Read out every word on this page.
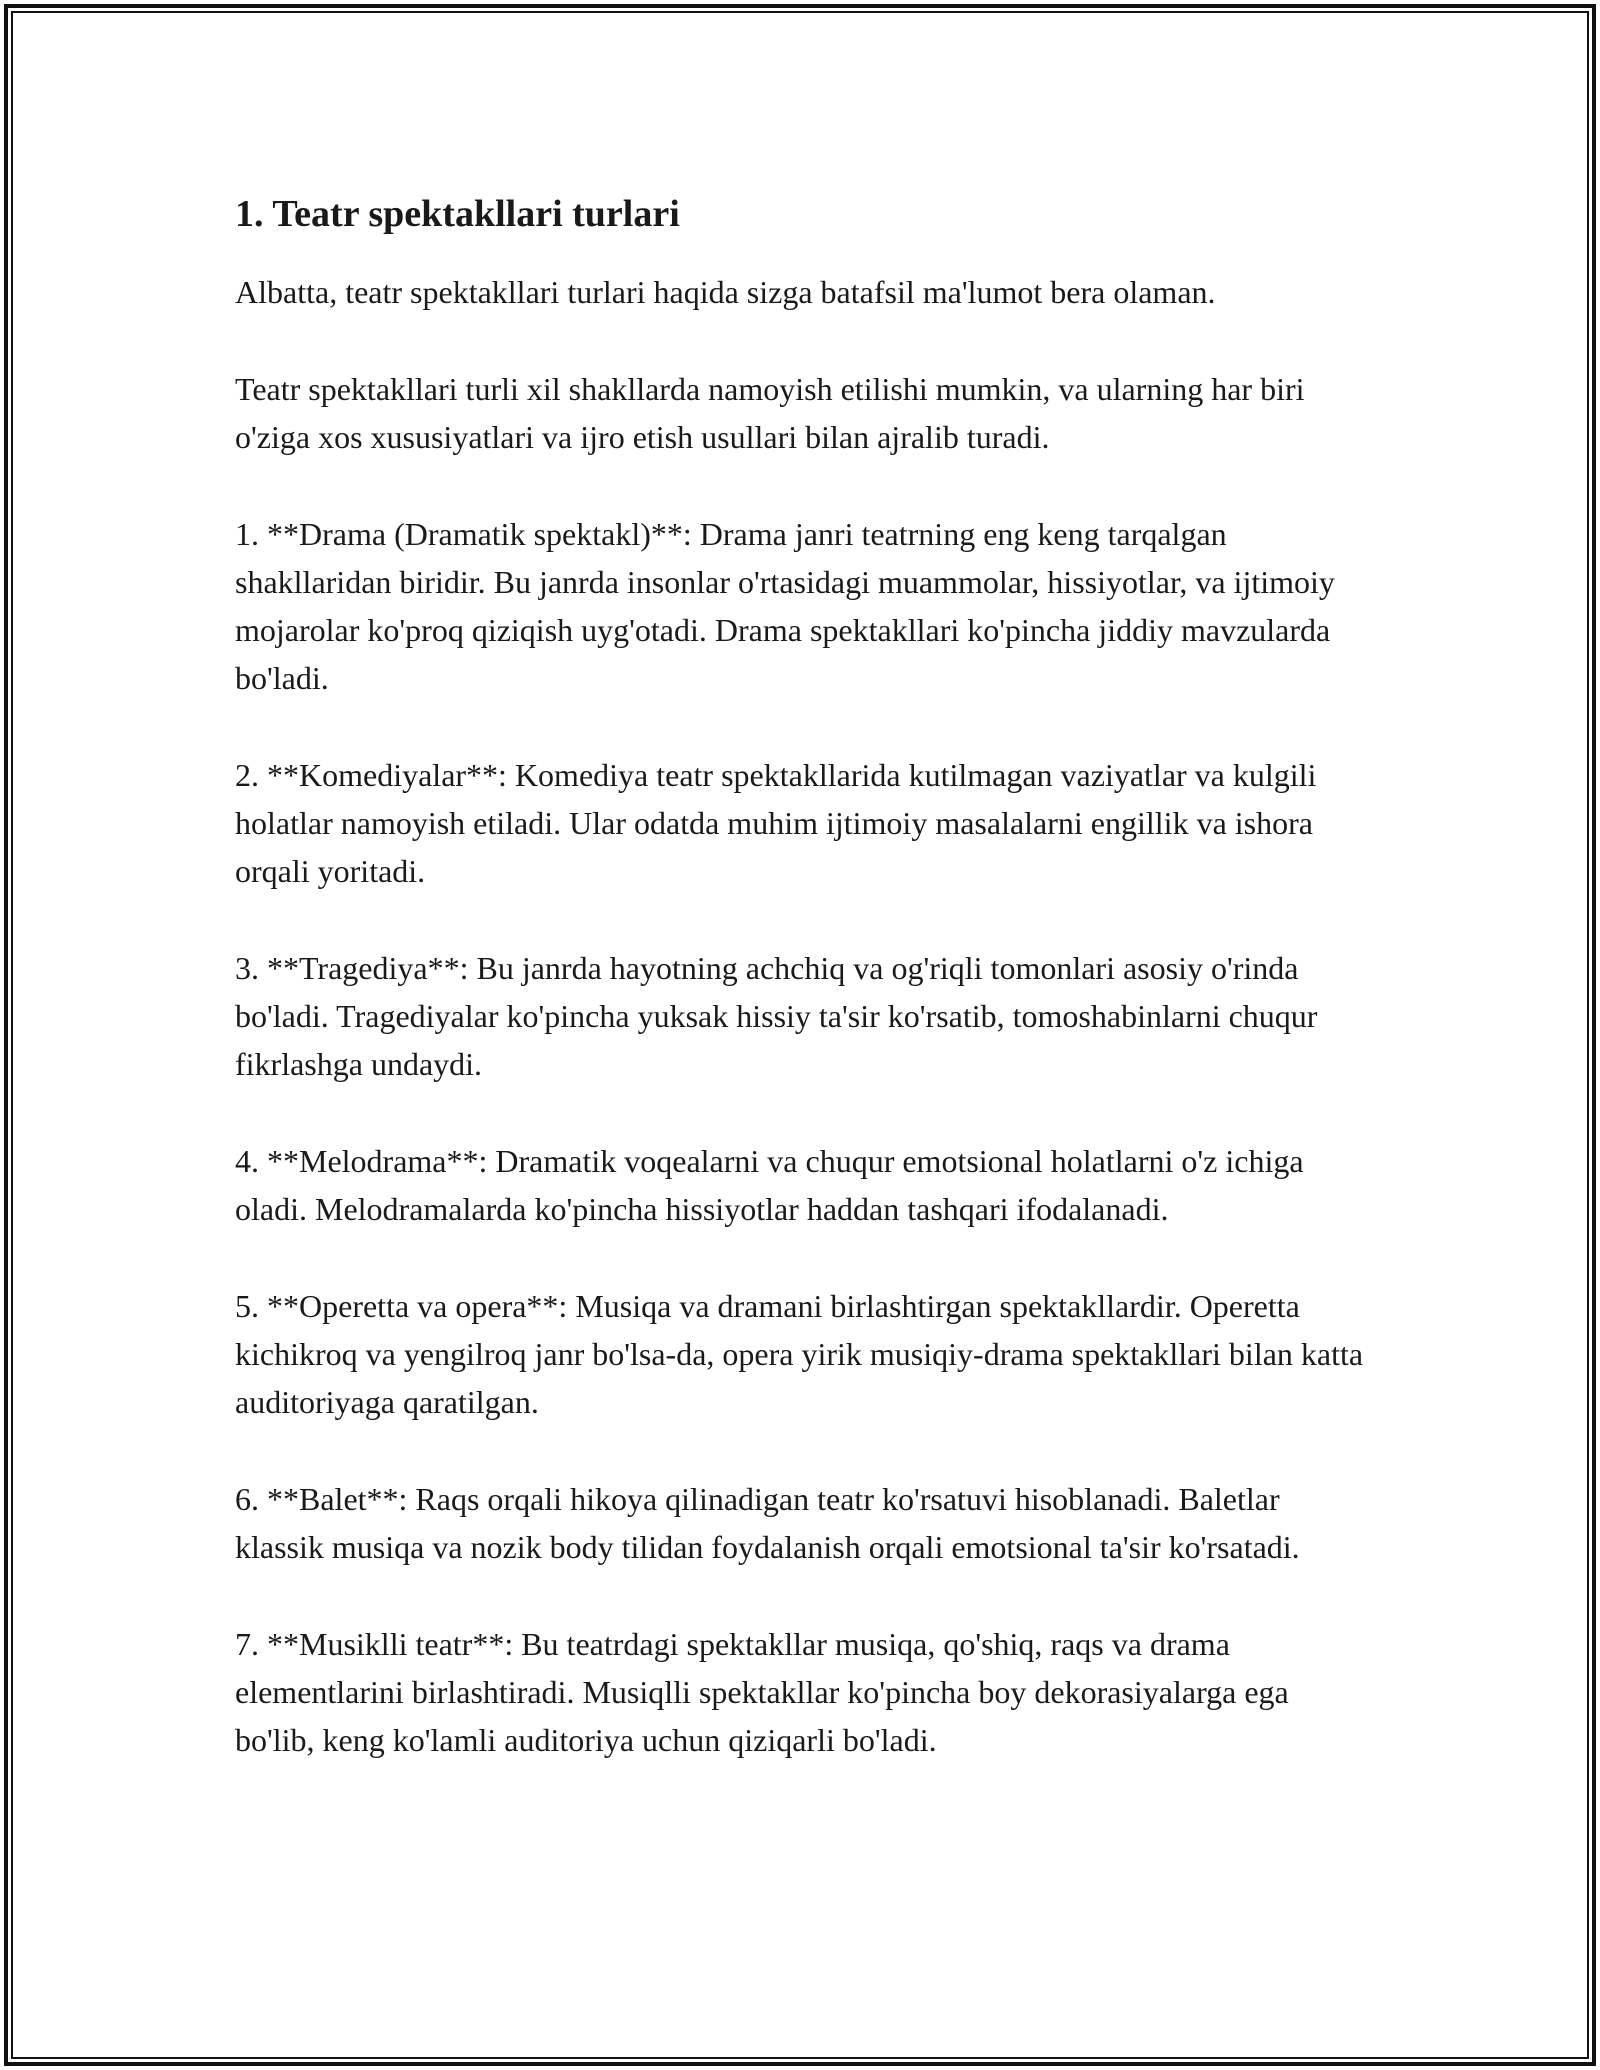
1. Teatr spektakllari turlari

Albatta, teatr spektakllari turlari haqida sizga batafsil ma'lumot bera olaman.

Teatr spektakllari turli xil shakllarda namoyish etilishi mumkin, va ularning har biri o'ziga xos xususiyatlari va ijro etish usullari bilan ajralib turadi.

1. **Drama (Dramatik spektakl)**: Drama janri teatrning eng keng tarqalgan shakllaridan biridir. Bu janrda insonlar o'rtasidagi muammolar, hissiyotlar, va ijtimoiy mojarolar ko'proq qiziqish uyg'otadi. Drama spektakllari ko'pincha jiddiy mavzularda bo'ladi.

2. **Komediyalar**: Komediya teatr spektakllarida kutilmagan vaziyatlar va kulgili holatlar namoyish etiladi. Ular odatda muhim ijtimoiy masalalarni engillik va ishora orqali yoritadi.

3. **Tragediya**: Bu janrda hayotning achchiq va og'riqli tomonlari asosiy o'rinda bo'ladi. Tragediyalar ko'pincha yuksak hissiy ta'sir ko'rsatib, tomoshabinlarni chuqur fikrlashga undaydi.

4. **Melodrama**: Dramatik voqealarni va chuqur emotsional holatlarni o'z ichiga oladi. Melodramalarda ko'pincha hissiyotlar haddan tashqari ifodalanadi.

5. **Operetta va opera**: Musiqa va dramani birlashtirgan spektakllardir. Operetta kichikroq va yengilroq janr bo'lsa-da, opera yirik musiqiy-drama spektakllari bilan katta auditoriyaga qaratilgan.

6. **Balet**: Raqs orqali hikoya qilinadigan teatr ko'rsatuvi hisoblanadi. Baletlar klassik musiqa va nozik body tilidan foydalanish orqali emotsional ta'sir ko'rsatadi.

7. **Musiklli teatr**: Bu teatrdagi spektakllar musiqa, qo'shiq, raqs va drama elementlarini birlashtiradi. Musiqlli spektakllar ko'pincha boy dekorasiyalarga ega bo'lib, keng ko'lamli auditoriya uchun qiziqarli bo'ladi.
